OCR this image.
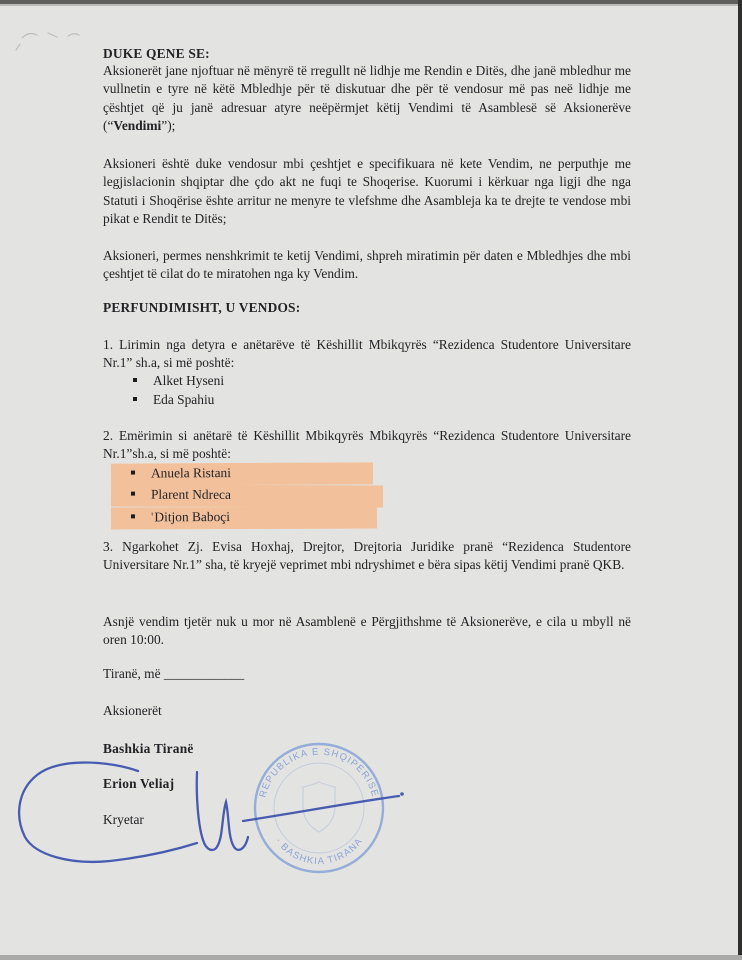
DUKE QENE SE:
Aksionerët jane njoftuar në mënyrë të rregullt në lidhje me Rendin e Ditës, dhe janë mbledhur me vullnetin e tyre në këtë Mbledhje për të diskutuar dhe për të vendosur më pas neë lidhje me çështjet që ju janë adresuar atyre neëpërmjet këtij Vendimi të Asamblesë së Aksionerëve (“Vendimi”);
Aksioneri është duke vendosur mbi çeshtjet e specifikuara në kete Vendim, ne perputhje me legjislacionin shqiptar dhe çdo akt ne fuqi te Shoqerise. Kuorumi i kërkuar nga ligji dhe nga Statuti i Shoqërise ështe arritur ne menyre te vlefshme dhe Asambleja ka te drejte te vendose mbi pikat e Rendit te Ditës;
Aksioneri, permes nenshkrimit te ketij Vendimi, shpreh miratimin për daten e Mbledhjes dhe mbi çeshtjet të cilat do te miratohen nga ky Vendim.
PERFUNDIMISHT, U VENDOS:
1. Lirimin nga detyra e anëtarëve të Këshillit Mbikqyrës “Rezidenca Studentore Universitare Nr.1” sh.a, si më poshtë:
Alket Hyseni
Eda Spahiu
2. Emërimin si anëtarë të Këshillit Mbikqyrës Mbikqyrës “Rezidenca Studentore Universitare Nr.1”sh.a, si më poshtë:
Anuela Ristani
Plarent Ndreca
'Ditjon Baboçi
3. Ngarkohet Zj. Evisa Hoxhaj, Drejtor, Drejtoria Juridike pranë “Rezidenca Studentore Universitare Nr.1” sha, të kryejë veprimet mbi ndryshimet e bëra sipas këtij Vendimi pranë QKB.
Asnjë vendim tjetër nuk u mor në Asamblenë e Përgjithshme të Aksionerëve, e cila u mbyll në oren 10:00.
Tiranë, më ____________
Aksionerët
Bashkia Tiranë
Erion Veliaj
Kryetar
REPUBLIKA E SHQIPERISE
· BASHKIA TIRANA
